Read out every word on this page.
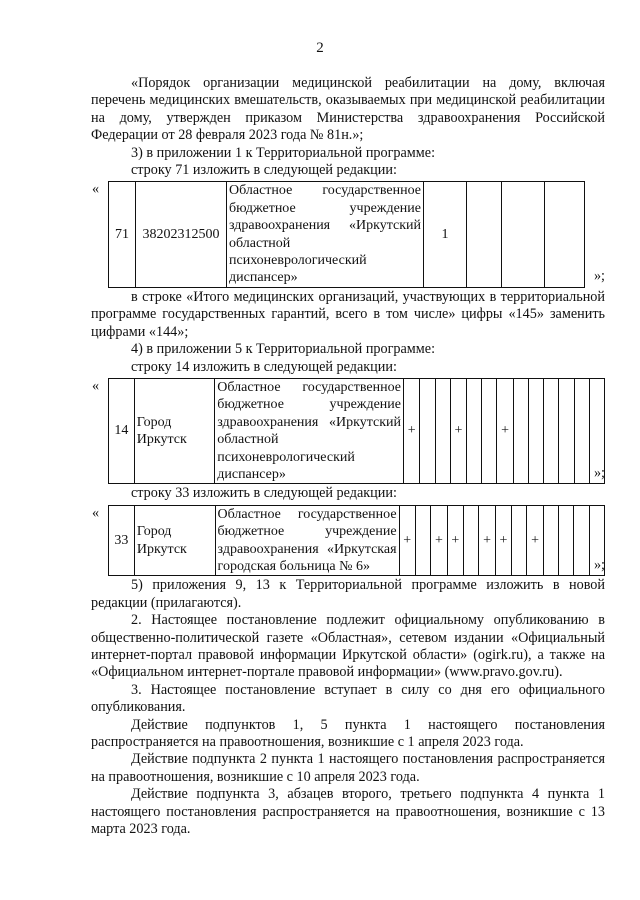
2

«Порядок организации медицинской реабилитации на дому, включая перечень медицинских вмешательств, оказываемых при медицинской реабилитации на дому, утвержден приказом Министерства здравоохранения Российской Федерации от 28 февраля 2023 года № 81н.»;

3) в приложении 1 к Территориальной программе:

строку 71 изложить в следующей редакции:

«
71	38202312500	Областное государственное бюджетное учреждение здравоохранения «Иркутский областной психоневрологический диспансер»	1			
»;

в строке «Итого медицинских организаций, участвующих в территориальной программе государственных гарантий, всего в том числе» цифры «145» заменить цифрами «144»;

4) в приложении 5 к Территориальной программе:

строку 14 изложить в следующей редакции:

«
14	Город Иркутск	Областное государственное бюджетное учреждение здравоохранения «Иркутский областной психоневрологический диспансер»	+			+			+						
»;

строку 33 изложить в следующей редакции:

«
33	Город Иркутск	Областное государственное бюджетное учреждение здравоохранения «Иркутская городская больница № 6»	+		+	+		+	+		+				
»;

5) приложения 9, 13 к Территориальной программе изложить в новой редакции (прилагаются).

2. Настоящее постановление подлежит официальному опубликованию в общественно-политической газете «Областная», сетевом издании «Официальный интернет-портал правовой информации Иркутской области» (ogirk.ru), а также на «Официальном интернет-портале правовой информации» (www.pravo.gov.ru).

3. Настоящее постановление вступает в силу со дня его официального опубликования.

Действие подпунктов 1, 5 пункта 1 настоящего постановления распространяется на правоотношения, возникшие с 1 апреля 2023 года.

Действие подпункта 2 пункта 1 настоящего постановления распространяется на правоотношения, возникшие с 10 апреля 2023 года.

Действие подпункта 3, абзацев второго, третьего подпункта 4 пункта 1 настоящего постановления распространяется на правоотношения, возникшие с 13 марта 2023 года.
